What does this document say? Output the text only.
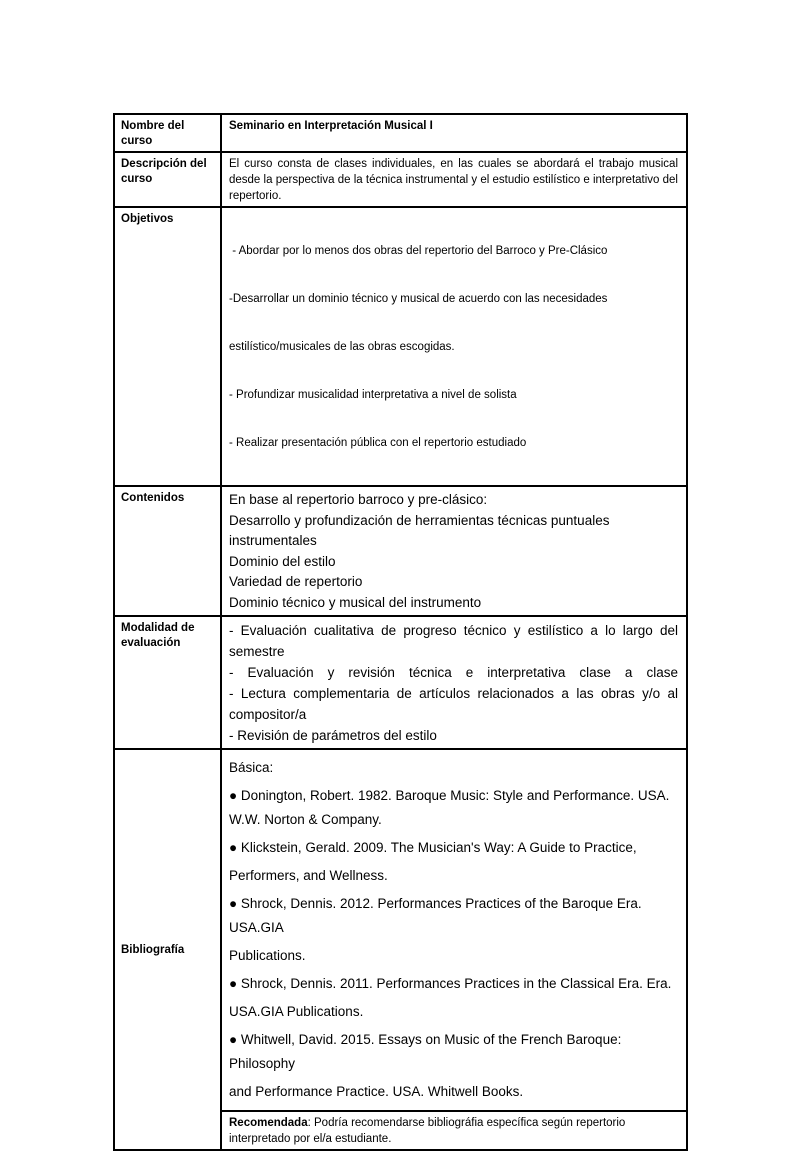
Nombre del curso
Seminario en Interpretación Musical I
Descripción del curso
El curso consta de clases individuales, en las cuales se abordará el trabajo musical desde la perspectiva de la técnica instrumental y el estudio estilístico e interpretativo del repertorio.
Objetivos

- Abordar por lo menos dos obras del repertorio del Barroco y Pre-Clásico

-Desarrollar un dominio técnico y musical de acuerdo con las necesidades

estilístico/musicales de las obras escogidas.

- Profundizar musicalidad interpretativa a nivel de solista

- Realizar presentación pública con el repertorio estudiado

Contenidos	En base al repertorio barroco y pre-clásico:

Desarrollo y profundización de herramientas técnicas puntuales instrumentales

Dominio del estilo

Variedad de repertorio

Dominio técnico y musical del instrumento

Modalidad de evaluación

- Evaluación cualitativa de progreso técnico y estilístico a lo largo del semestre

- Evaluación y revisión técnica e interpretativa clase a clase

- Lectura complementaria de artículos relacionados a las obras y/o al compositor/a

- Revisión de parámetros del estilo

Bibliografía

Básica:

● Donington, Robert. 1982. Baroque Music: Style and Performance. USA.
W.W. Norton & Company.

● Klickstein, Gerald. 2009. The Musician's Way: A Guide to Practice,

Performers, and Wellness.

● Shrock, Dennis. 2012. Performances Practices of the Baroque Era.
USA.GIA

Publications.

● Shrock, Dennis. 2011. Performances Practices in the Classical Era. Era.

USA.GIA Publications.

● Whitwell, David. 2015. Essays on Music of the French Baroque:
Philosophy

and Performance Practice. USA. Whitwell Books.

Recomendada: Podría recomendarse bibliográfia específica según repertorio interpretado por el/a estudiante.
